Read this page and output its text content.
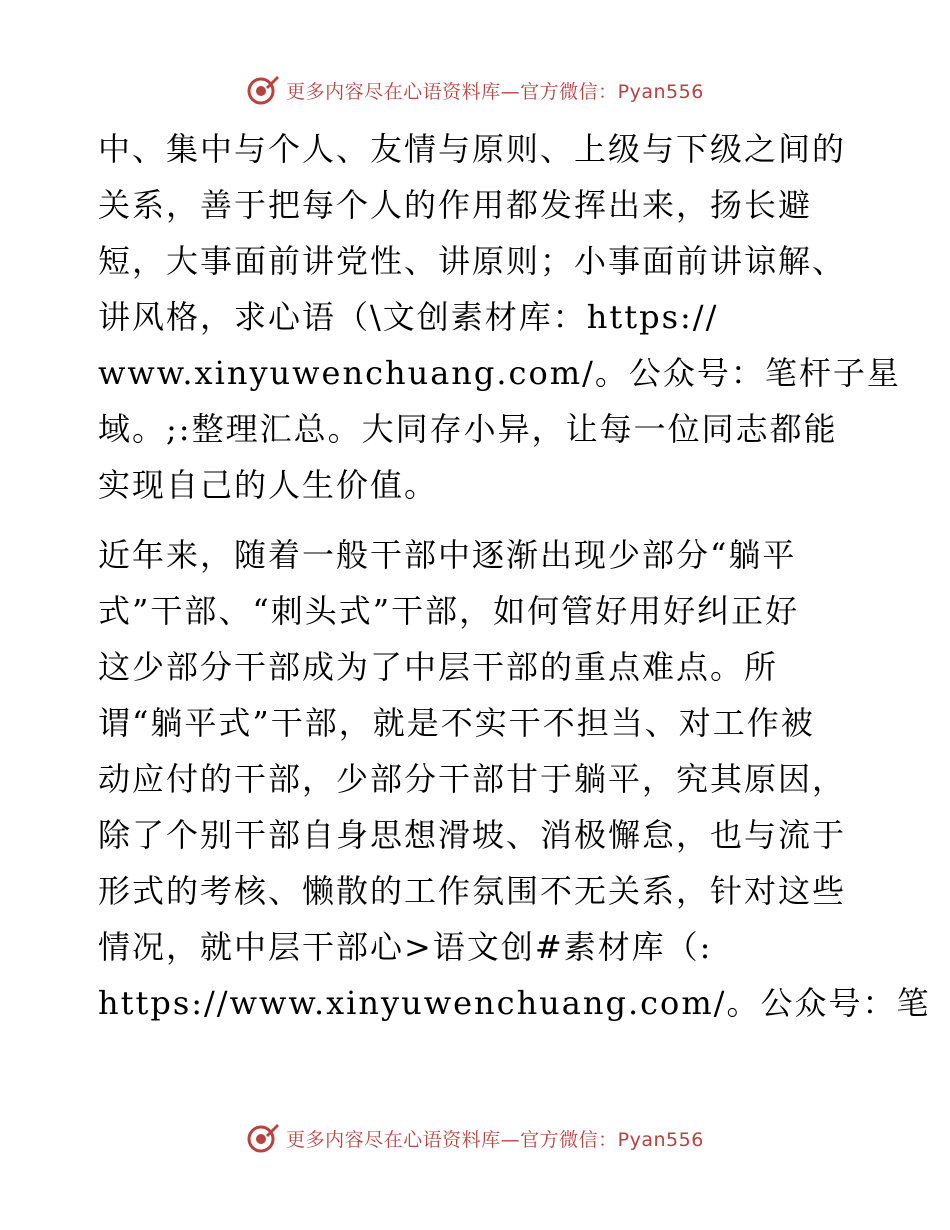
更多内容尽在心语资料库—官方微信：Pyan556
中、集中与个人、友情与原则、上级与下级之间的
关系，善于把每个人的作用都发挥出来，扬长避
短，大事面前讲党性、讲原则；小事面前讲谅解、
讲风格，求心语（\文创素材库：https://
www.xinyuwenchuang.com/。公众号：笔杆子星
域。;:整理汇总。大同存小异，让每一位同志都能
实现自己的人生价值。
近年来，随着一般干部中逐渐出现少部分“躺平
式”干部、“刺头式”干部，如何管好用好纠正好
这少部分干部成为了中层干部的重点难点。所
谓“躺平式”干部，就是不实干不担当、对工作被
动应付的干部，少部分干部甘于躺平，究其原因，
除了个别干部自身思想滑坡、消极懈怠，也与流于
形式的考核、懒散的工作氛围不无关系，针对这些
情况，就中层干部心>语文创#素材库（:
https://www.xinyuwenchuang.com/。公众号：笔
更多内容尽在心语资料库—官方微信：Pyan556
